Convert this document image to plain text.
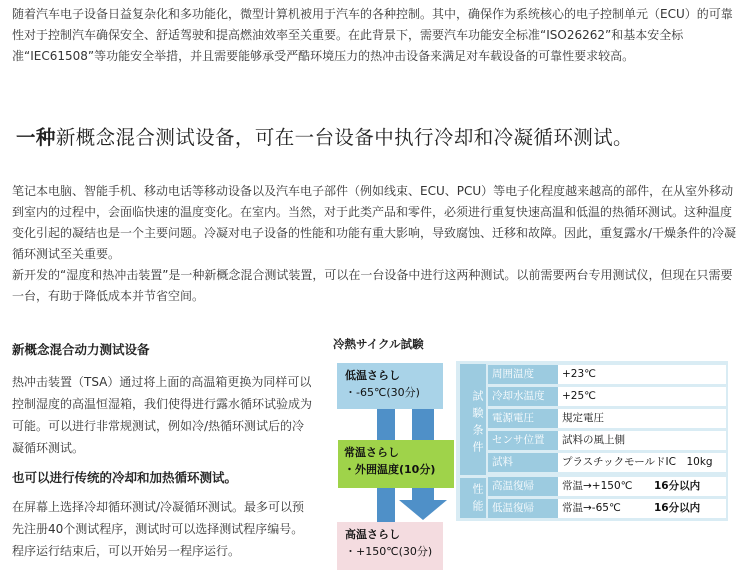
随着汽车电子设备日益复杂化和多功能化，微型计算机被用于汽车的各种控制。其中，确保作为系统核心的电子控制单元（ECU）的可靠性对于控制汽车确保安全、舒适驾驶和提高燃油效率至关重要。在此背景下，需要汽车功能安全标准“ISO26262”和基本安全标准“IEC61508”等功能安全举措，并且需要能够承受严酷环境压力的热冲击设备来满足对车载设备的可靠性要求较高。
一种新概念混合测试设备，可在一台设备中执行冷却和冷凝循环测试。
笔记本电脑、智能手机、移动电话等移动设备以及汽车电子部件（例如线束、ECU、PCU）等电子化程度越来越高的部件，在从室外移动到室内的过程中，会面临快速的温度变化。在室内。当然，对于此类产品和零件，必须进行重复快速高温和低温的热循环测试。这种温度变化引起的凝结也是一个主要问题。冷凝对电子设备的性能和功能有重大影响，导致腐蚀、迁移和故障。因此，重复露水/干燥条件的冷凝循环测试至关重要。
新开发的“湿度和热冲击装置”是一种新概念混合测试装置，可以在一台设备中进行这两种测试。以前需要两台专用测试仪，但现在只需要一台，有助于降低成本并节省空间。
新概念混合动力测试设备
热冲击装置（TSA）通过将上面的高温箱更换为同样可以控制湿度的高温恒湿箱，我们使得进行露水循环试验成为可能。可以进行非常规测试，例如冷/热循环测试后的冷凝循环测试。
也可以进行传统的冷却和加热循环测试。
在屏幕上选择冷却循环测试/冷凝循环测试。最多可以预先注册40个测试程序，测试时可以选择测试程序编号。程序运行结束后，可以开始另一程序运行。
冷熱サイクル試験
低温さらし
・-65℃(30分)
常温さらし
・外囲温度(10分)
高温さらし
・+150℃(30分)
試験条件
性能
周囲温度	+23℃
冷却水温度	+25℃
電源電圧	規定電圧
センサ位置	試料の風上側
試料	プラスチックモールドIC　10kg
高温復帰	常温→+150℃	16分以内
低温復帰	常温→-65℃	16分以内
